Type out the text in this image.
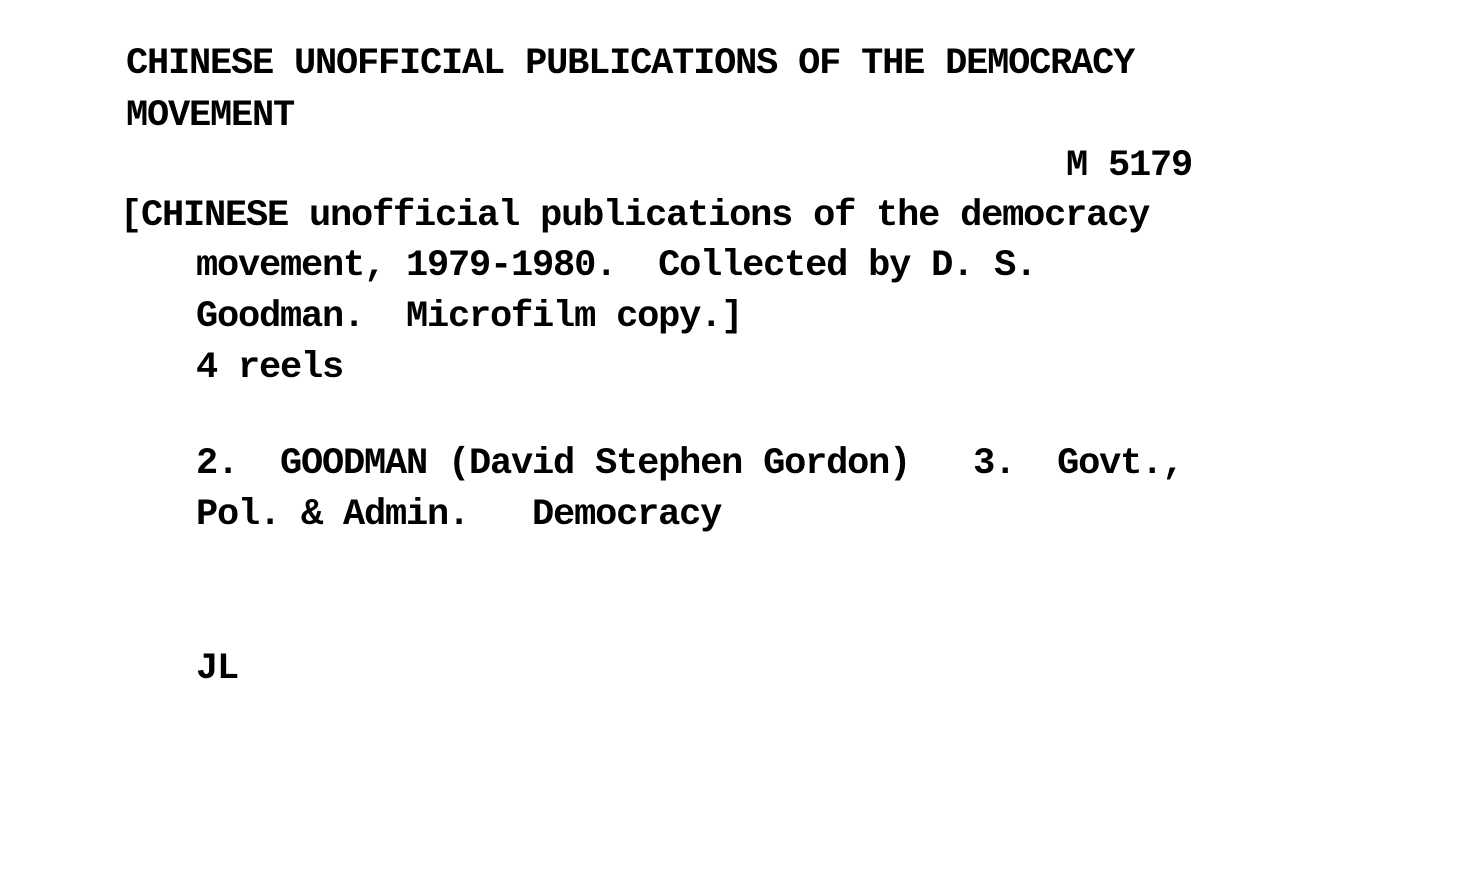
CHINESE UNOFFICIAL PUBLICATIONS OF THE DEMOCRACY
MOVEMENT
M 5179
[CHINESE unofficial publications of the democracy
movement, 1979-1980.  Collected by D. S.
Goodman.  Microfilm copy.]
4 reels
2.  GOODMAN (David Stephen Gordon)   3.  Govt.,
Pol. & Admin.   Democracy
JL
